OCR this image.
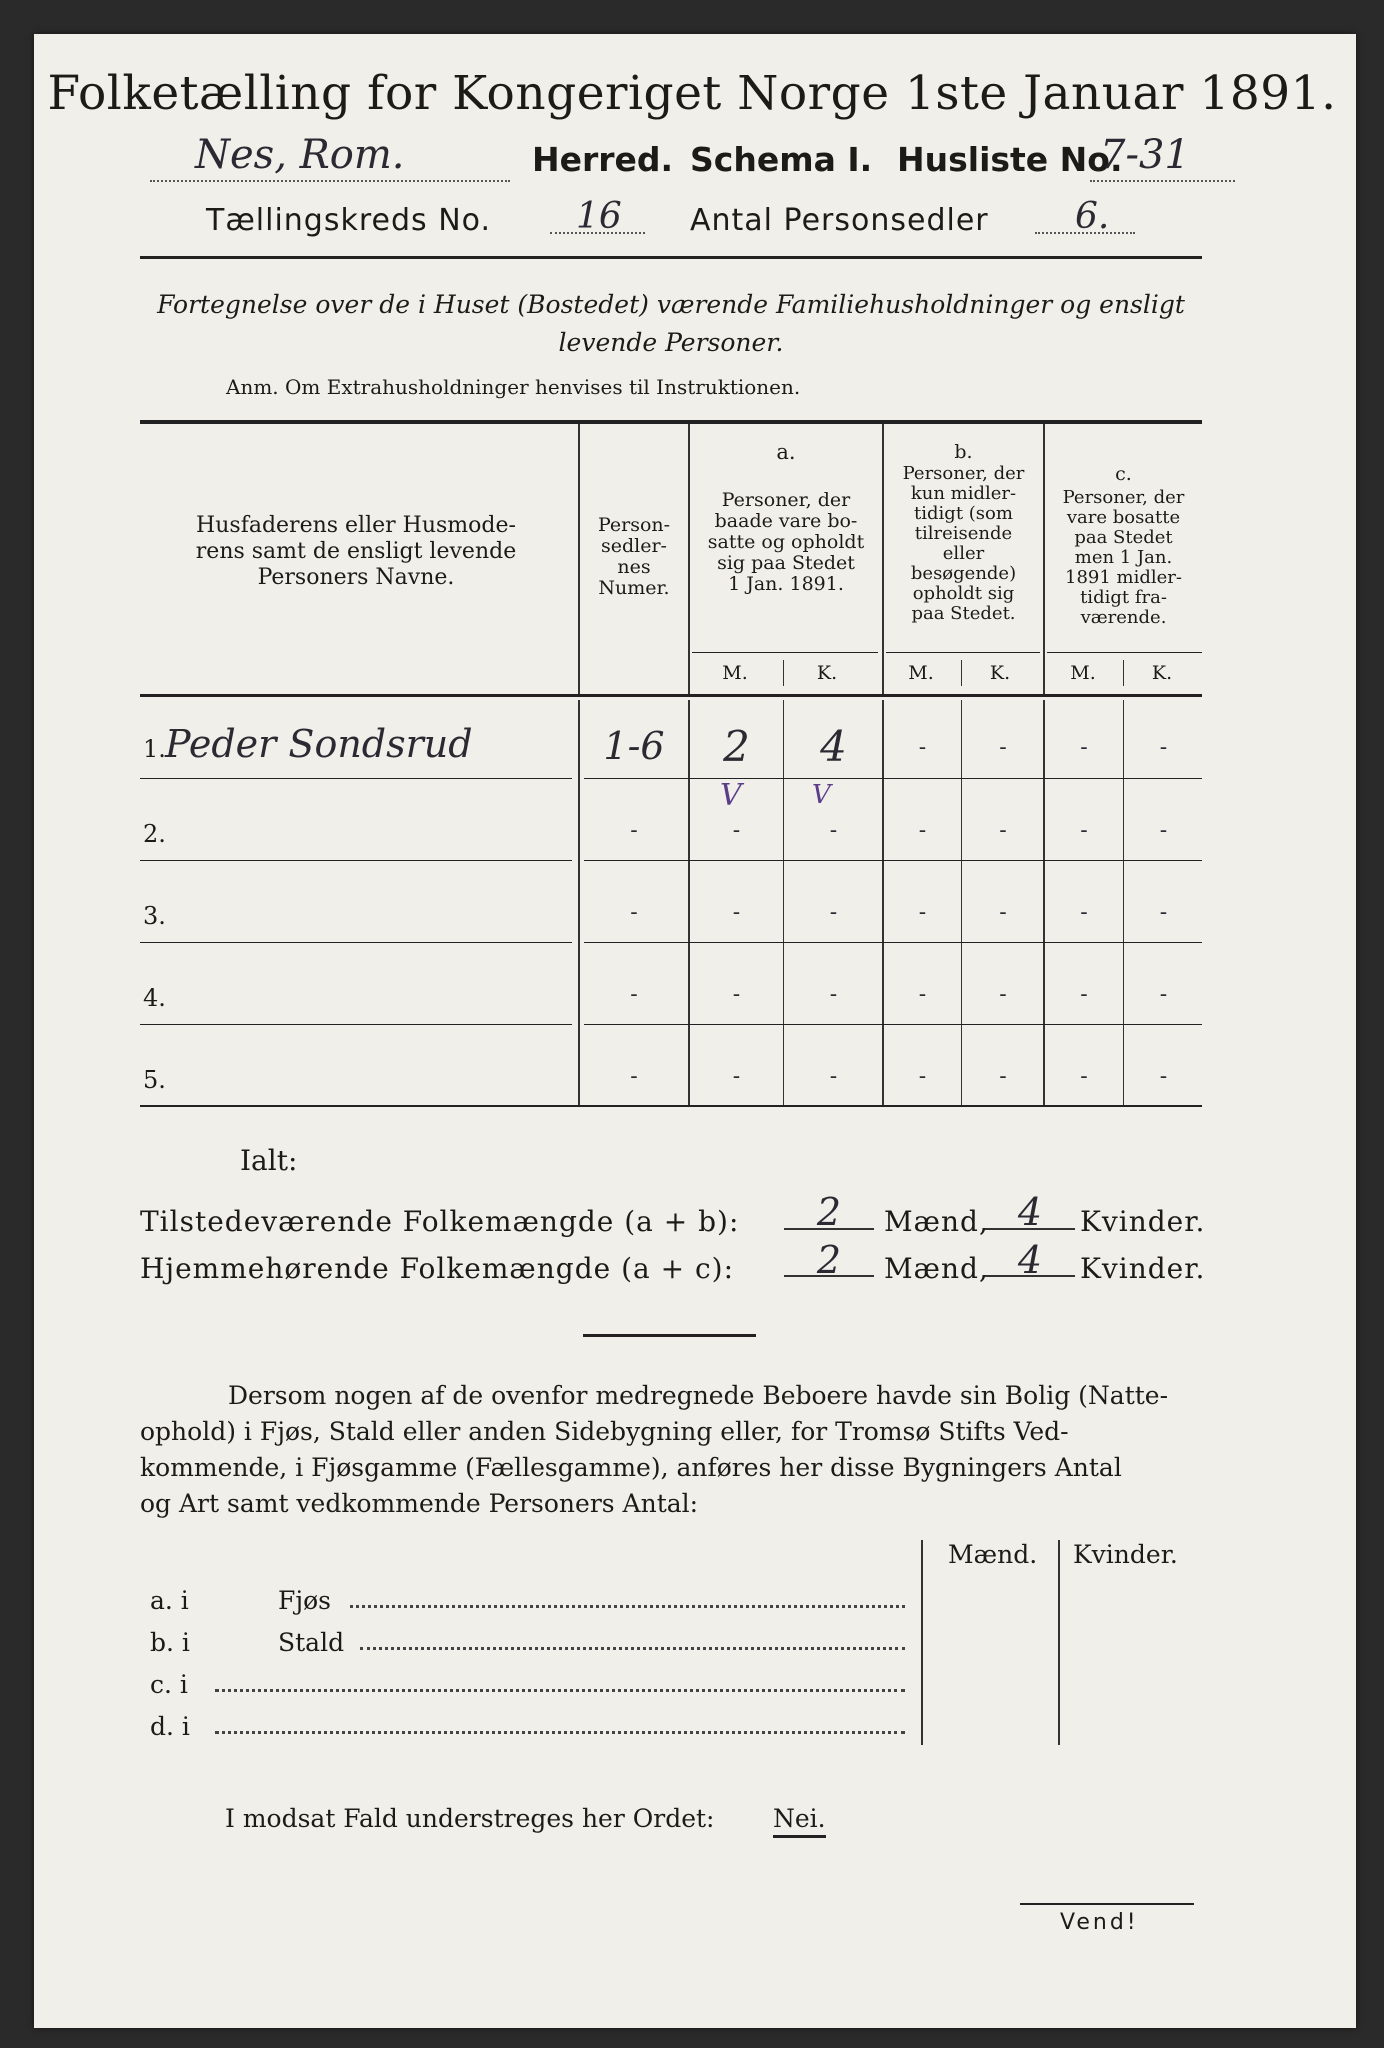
Folketælling for Kongeriget Norge 1ste Januar 1891.
Nes, Rom.	Herred. Schema I. Husliste No.
7-31
Tællingskreds No. 16 Antal Personsedler 6.
Fortegnelse over de i Huset (Bostedet) værende Familiehusholdninger og ensligt
levende Personer.
Anm. Om Extrahusholdninger henvises til Instruktionen.
Husfaderens eller Husmode-
rens samt de ensligt levende
Personers Navne.
Person-
sedler-
nes
Numer.
a.
Personer, der
baade vare bo-
satte og opholdt
sig paa Stedet
1 Jan. 1891.
b.
Personer, der
kun midler-
tidigt (som
tilreisende
eller
besøgende)
opholdt sig
paa Stedet.
c.
Personer, der
vare bosatte
paa Stedet
men 1 Jan.
1891 midler-
tidigt fra-
værende.
M.	K.	M.	K.	M.	K.
1. Peder Sondsrud	1-6	2	4	-	-	-	-
V	V
2.	-	-	-	-	-	-	-
3.	-	-	-	-	-	-	-
4.	-	-	-	-	-	-	-
5.	-	-	-	-	-	-	-
Ialt:
Tilstedeværende Folkemængde (a + b):	2	Mænd, 4	Kvinder.
Hjemmehørende Folkemængde (a + c):	2	Mænd, 4	Kvinder.
Dersom nogen af de ovenfor medregnede Beboere havde sin Bolig (Natte-
ophold) i Fjøs, Stald eller anden Sidebygning eller, for Tromsø Stifts Ved-
kommende, i Fjøsgamme (Fællesgamme), anføres her disse Bygningers Antal
og Art samt vedkommende Personers Antal:
Mænd. Kvinder.
a. i	Fjøs
b. i	Stald
c. i
d. i
I modsat Fald understreges her Ordet: Nei.
Vend!
